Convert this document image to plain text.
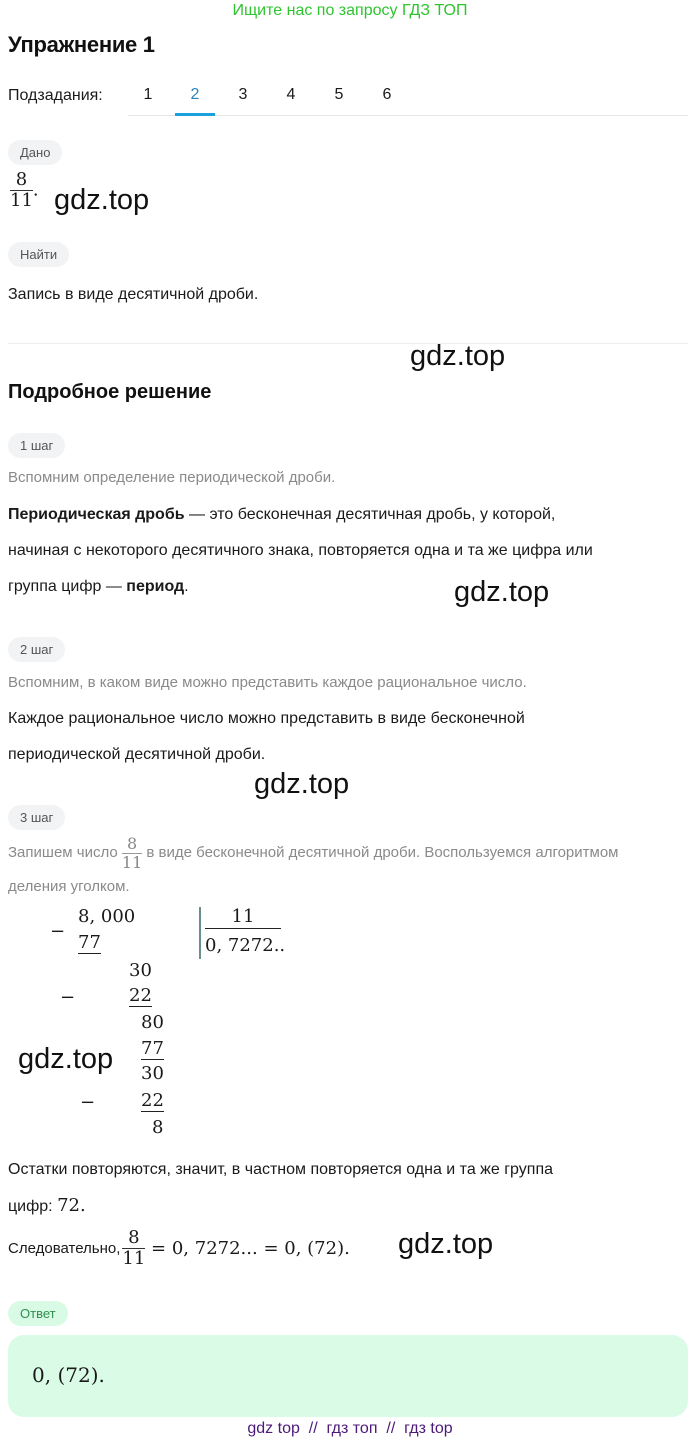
Ищите нас по запросу ГДЗ ТОП
Упражнение 1
Подзадания:	1	2	3	4	5	6
Дано
$\frac{8}{11}$ . gdz.top
Найти
Запись в виде десятичной дроби.
gdz.top
Подробное решение
1 шаг
Вспомним определение периодической дроби.
Периодическая дробь — это бесконечная десятичная дробь, у которой,
начиная с некоторого десятичного знака, повторяется одна и та же цифра или
группа цифр — период.	gdz.top
2 шаг
Вспомним, в каком виде можно представить каждое рациональное число.
Каждое рациональное число можно представить в виде бесконечной
периодической десятичной дроби.
gdz.top
3 шаг
Запишем число $\frac{8}{11}$ в виде бесконечной десятичной дроби. Воспользуемся алгоритмом
деления уголком.
−
8, 000
77
11
0, 7272..
30
−	22
80
77
30
−	22
8
gdz.top
Остатки повторяются, значит, в частном повторяется одна и та же группа
цифр: 72.
Следовательно, $\frac{8}{11} = 0$, 7272... = 0, (72). gdz.top
Ответ
0, (72).
gdz top  //  гдз топ  //  гдз top
